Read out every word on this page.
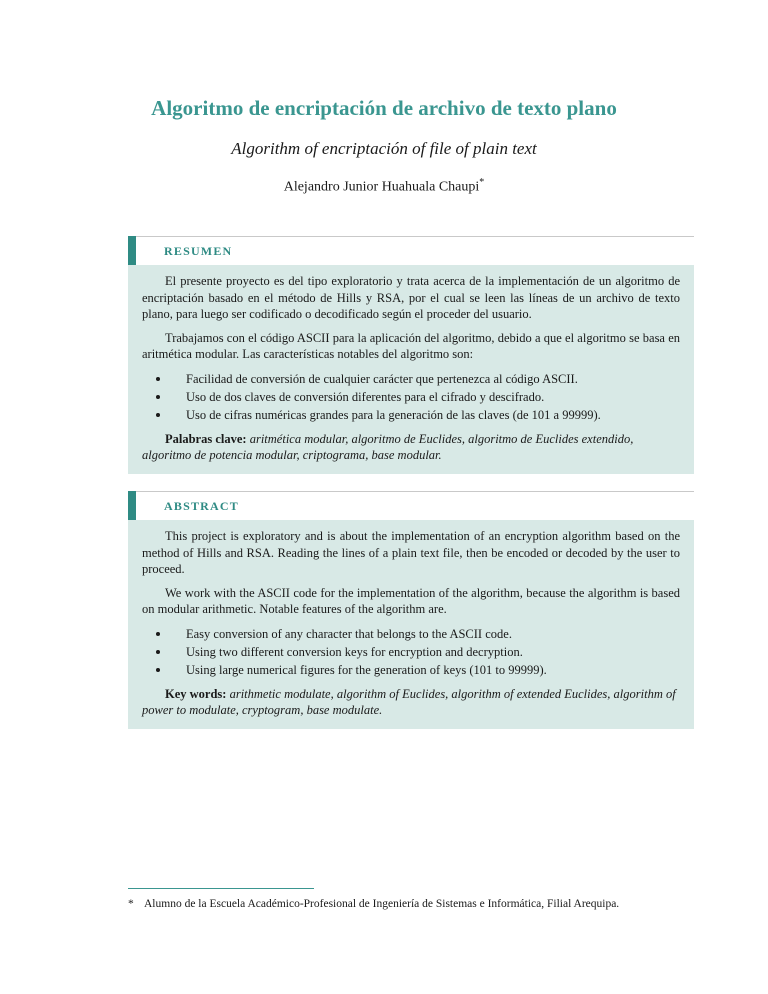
Algoritmo de encriptación de archivo de texto plano
Algorithm of encriptación of file of plain text
Alejandro Junior Huahuala Chaupi*
RESUMEN

El presente proyecto es del tipo exploratorio y trata acerca de la implementación de un algoritmo de encriptación basado en el método de Hills y RSA, por el cual se leen las líneas de un archivo de texto plano, para luego ser codificado o decodificado según el proceder del usuario.

Trabajamos con el código ASCII para la aplicación del algoritmo, debido a que el algoritmo se basa en aritmética modular. Las características notables del algoritmo son:

Facilidad de conversión de cualquier carácter que pertenezca al código ASCII.
Uso de dos claves de conversión diferentes para el cifrado y descifrado.
Uso de cifras numéricas grandes para la generación de las claves (de 101 a 99999).

Palabras clave: aritmética modular, algoritmo de Euclides, algoritmo de Euclides extendido, algoritmo de potencia modular, criptograma, base modular.

ABSTRACT

This project is exploratory and is about the implementation of an encryption algorithm based on the method of Hills and RSA. Reading the lines of a plain text file, then be encoded or decoded by the user to proceed.

We work with the ASCII code for the implementation of the algorithm, because the algorithm is based on modular arithmetic. Notable features of the algorithm are.

Easy conversion of any character that belongs to the ASCII code.
Using two different conversion keys for encryption and decryption.
Using large numerical figures for the generation of keys (101 to 99999).

Key words: arithmetic modulate, algorithm of Euclides, algorithm of extended Euclides, algorithm of power to modulate, cryptogram, base modulate.

* Alumno de la Escuela Académico-Profesional de Ingeniería de Sistemas e Informática, Filial Arequipa.
